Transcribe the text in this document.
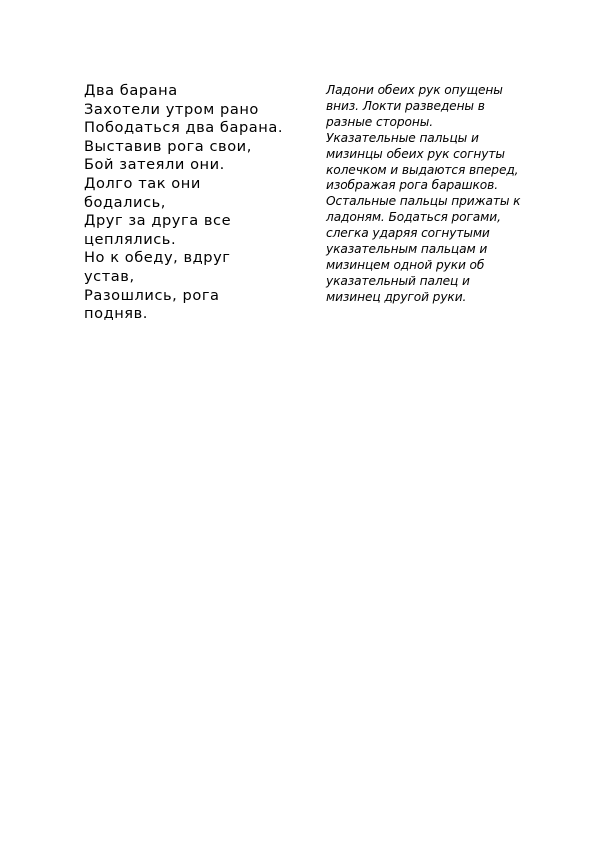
Два барана
Захотели утром рано
Пободаться два барана.
Выставив рога свои,
Бой затеяли они.
Долго так они
бодались,
Друг за друга все
цеплялись.
Но к обеду, вдруг
устав,
Разошлись, рога
подняв.
Ладони обеих рук опущены
вниз. Локти разведены в
разные стороны.
Указательные пальцы и
мизинцы обеих рук согнуты
колечком и выдаются вперед,
изображая рога барашков.
Остальные пальцы прижаты к
ладоням. Бодаться рогами,
слегка ударяя согнутыми
указательным пальцам и
мизинцем одной руки об
указательный палец и
мизинец другой руки.
